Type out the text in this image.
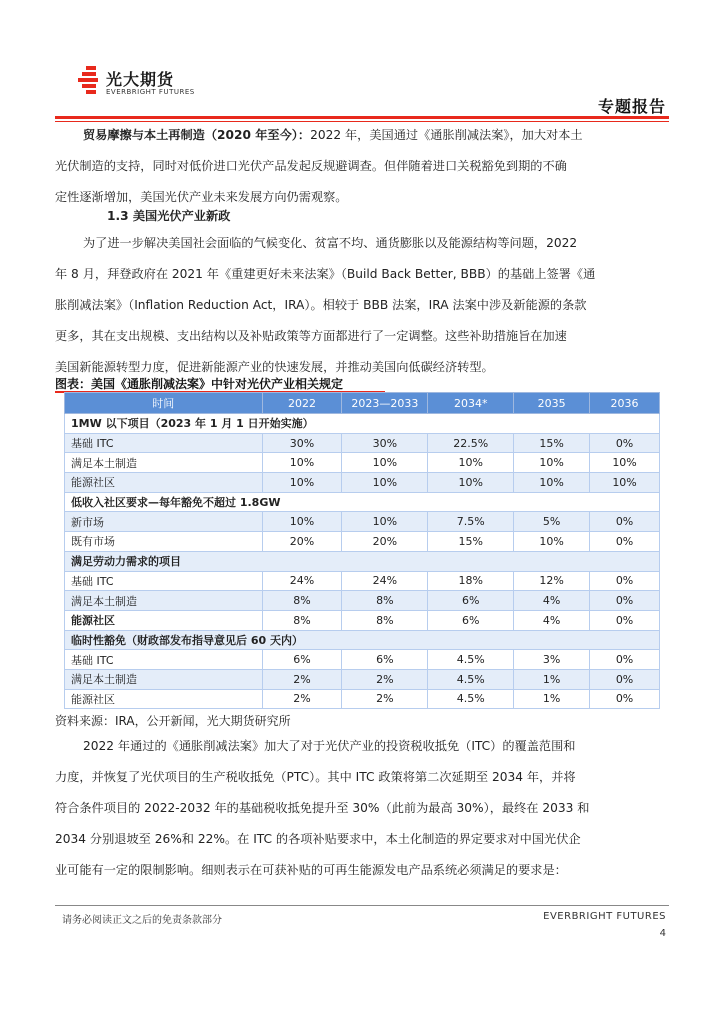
光大期货
EVERBRIGHT FUTURES
专题报告

贸易摩擦与本土再制造（2020 年至今）：2022 年，美国通过《通胀削减法案》，加大对本土
光伏制造的支持，同时对低价进口光伏产品发起反规避调查。但伴随着进口关税豁免到期的不确
定性逐渐增加，美国光伏产业未来发展方向仍需观察。

1.3 美国光伏产业新政

为了进一步解决美国社会面临的气候变化、贫富不均、通货膨胀以及能源结构等问题，2022
年 8 月，拜登政府在 2021 年《重建更好未来法案》（Build Back Better, BBB）的基础上签署《通
胀削减法案》（Inflation Reduction Act，IRA）。相较于 BBB 法案，IRA 法案中涉及新能源的条款
更多，其在支出规模、支出结构以及补贴政策等方面都进行了一定调整。这些补助措施旨在加速
美国新能源转型力度，促进新能源产业的快速发展，并推动美国向低碳经济转型。

图表：美国《通胀削减法案》中针对光伏产业相关规定
时间	2022	2023—2033	2034*	2035	2036
1MW 以下项目（2023 年 1 月 1 日开始实施）					
基础 ITC	30%	30%	22.5%	15%	0%
满足本土制造	10%	10%	10%	10%	10%
能源社区	10%	10%	10%	10%	10%
低收入社区要求—每年豁免不超过 1.8GW					
新市场	10%	10%	7.5%	5%	0%
既有市场	20%	20%	15%	10%	0%
满足劳动力需求的项目					
基础 ITC	24%	24%	18%	12%	0%
满足本土制造	8%	8%	6%	4%	0%
能源社区	8%	8%	6%	4%	0%
临时性豁免（财政部发布指导意见后 60 天内）					
基础 ITC	6%	6%	4.5%	3%	0%
满足本土制造	2%	2%	4.5%	1%	0%
能源社区	2%	2%	4.5%	1%	0%
资料来源：IRA，公开新闻，光大期货研究所

2022 年通过的《通胀削减法案》加大了对于光伏产业的投资税收抵免（ITC）的覆盖范围和
力度，并恢复了光伏项目的生产税收抵免（PTC）。其中 ITC 政策将第二次延期至 2034 年，并将
符合条件项目的 2022-2032 年的基础税收抵免提升至 30%（此前为最高 30%），最终在 2033 和
2034 分别退坡至 26%和 22%。在 ITC 的各项补贴要求中，本土化制造的界定要求对中国光伏企
业可能有一定的限制影响。细则表示在可获补贴的可再生能源发电产品系统必须满足的要求是：

请务必阅读正文之后的免责条款部分	EVERBRIGHT FUTURES
4
